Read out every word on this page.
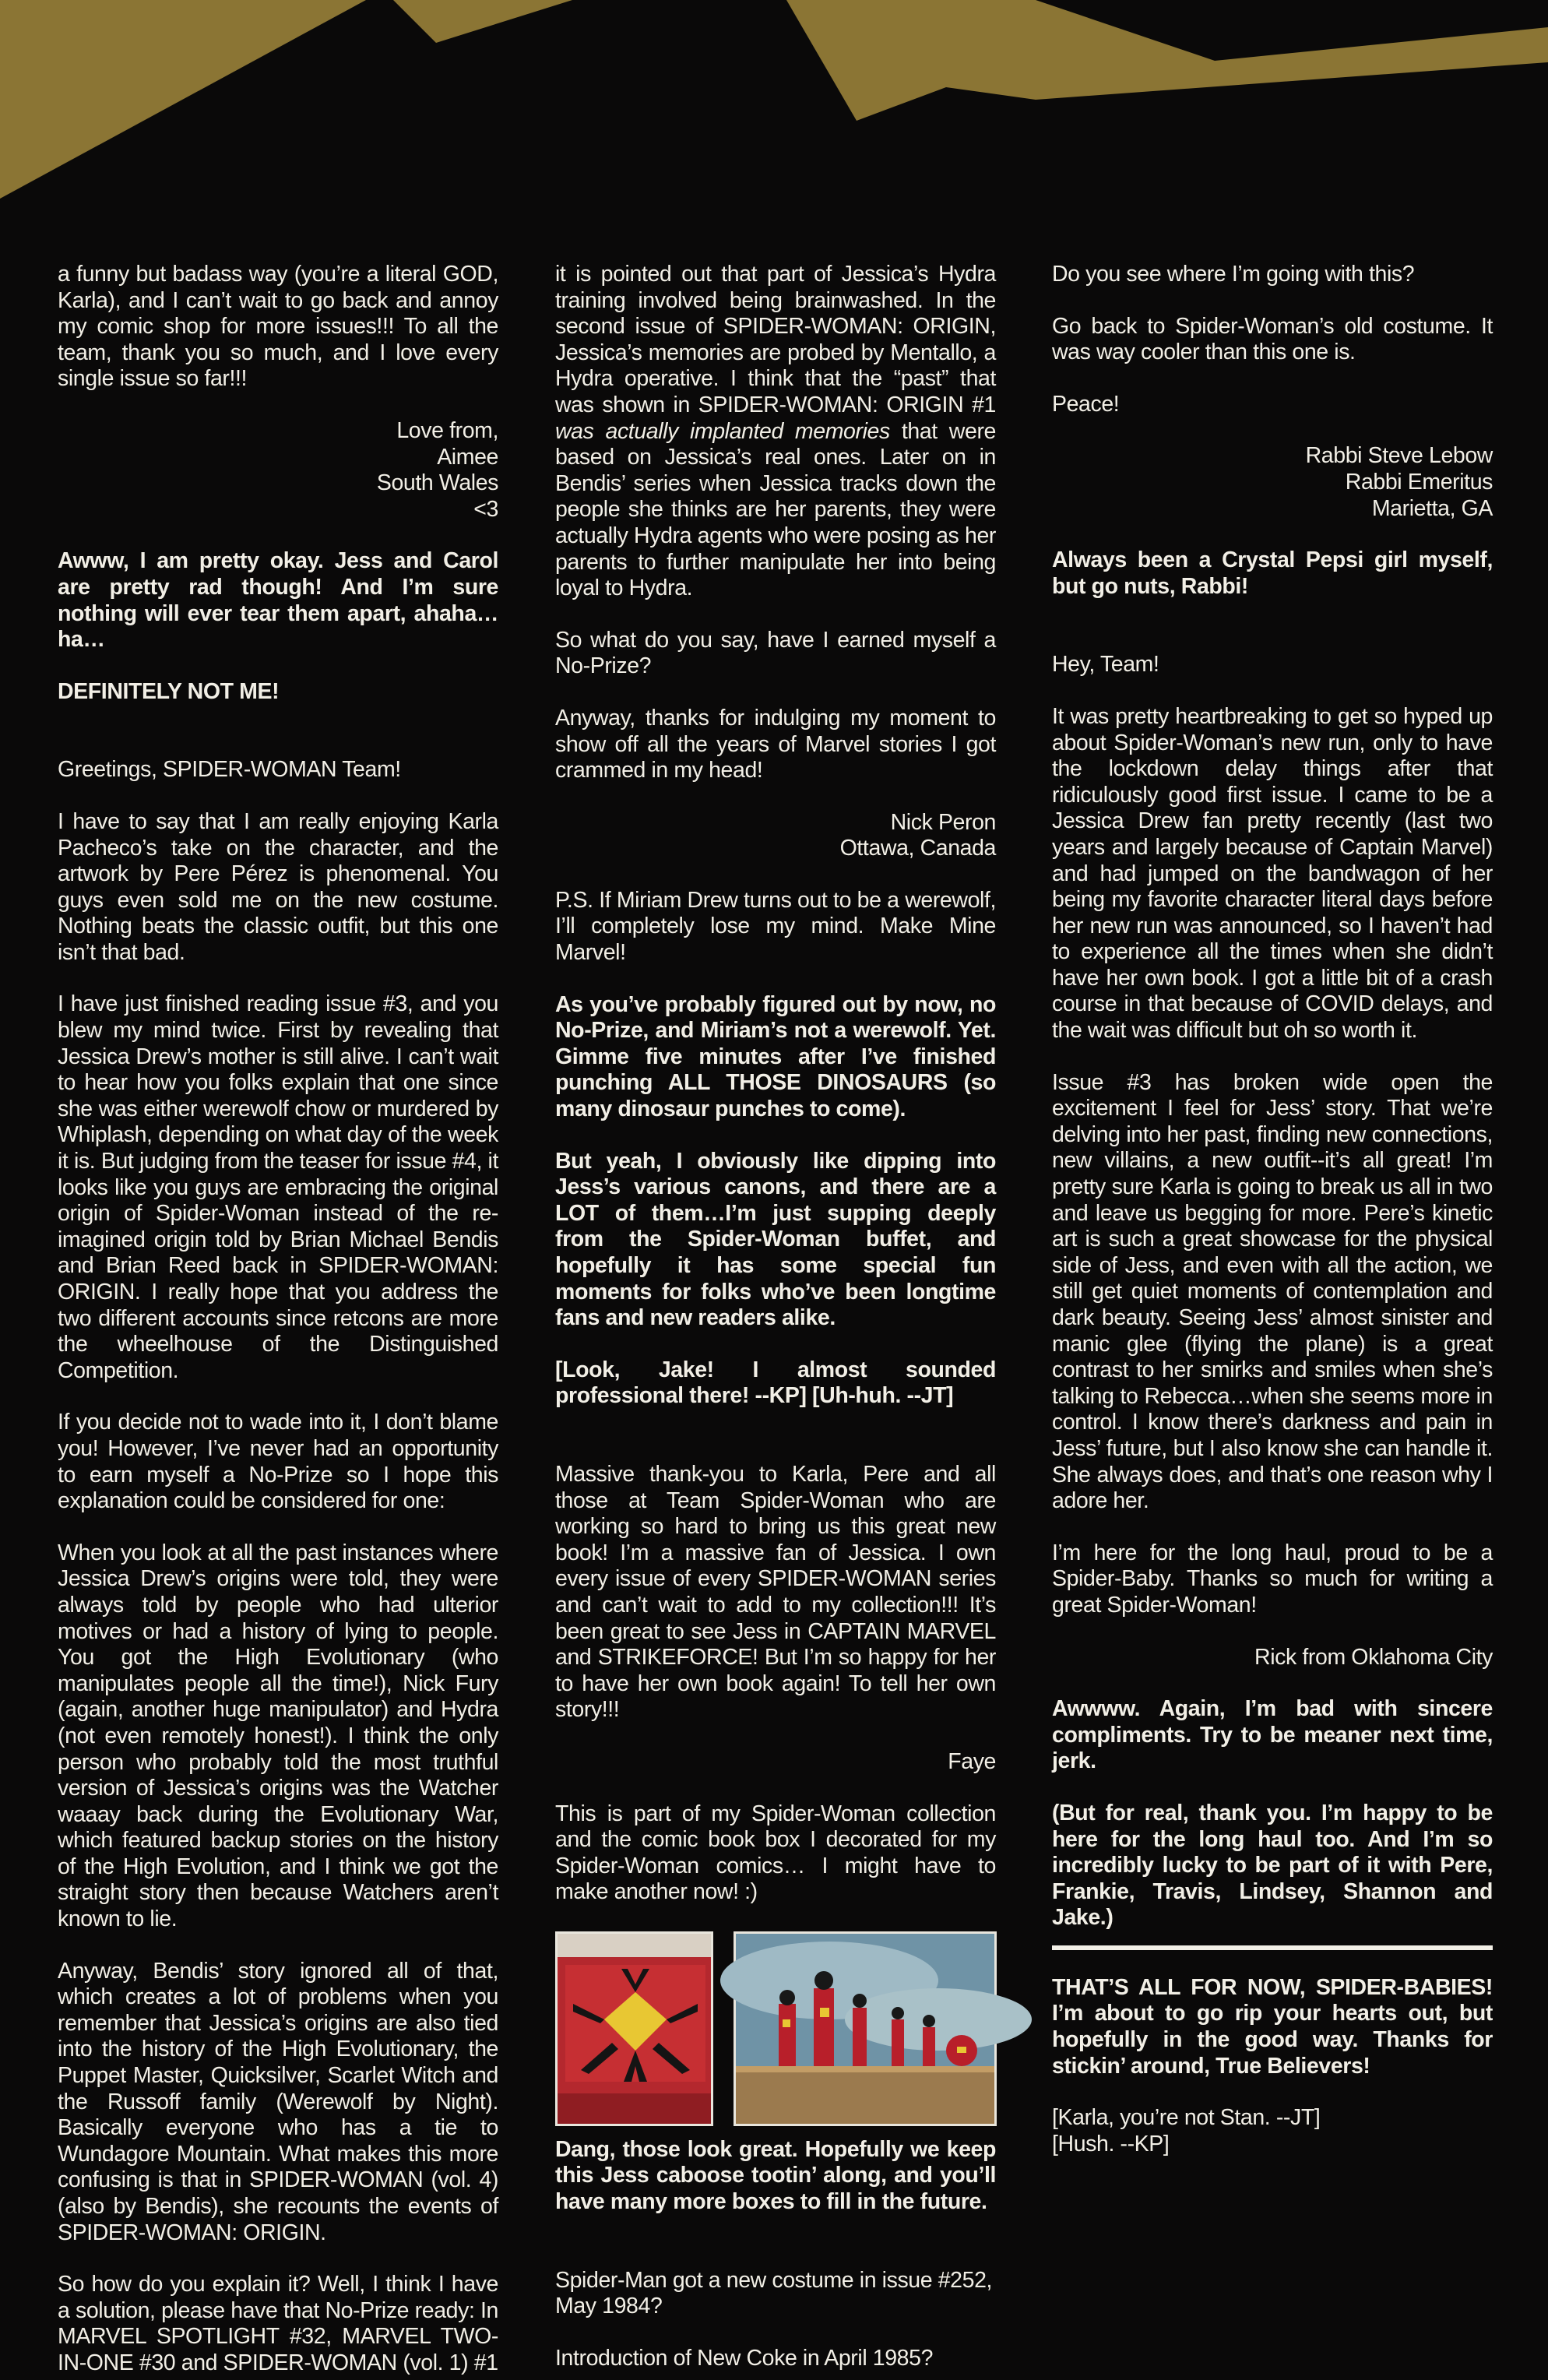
a funny but badass way (you’re a literal GOD, Karla), and I can’t wait to go back and annoy my comic shop for more issues!!! To all the team, thank you so much, and I love every single issue so far!!!

Love from,
Aimee
South Wales
<3

Awww, I am pretty okay. Jess and Carol are pretty rad though! And I’m sure nothing will ever tear them apart, ahaha…ha…

DEFINITELY NOT ME!

Greetings, SPIDER-WOMAN Team!

I have to say that I am really enjoying Karla Pacheco’s take on the character, and the artwork by Pere Pérez is phenomenal. You guys even sold me on the new costume. Nothing beats the classic outfit, but this one isn’t that bad.

I have just finished reading issue #3, and you blew my mind twice. First by revealing that Jessica Drew’s mother is still alive. I can’t wait to hear how you folks explain that one since she was either werewolf chow or murdered by Whiplash, depending on what day of the week it is. But judging from the teaser for issue #4, it looks like you guys are embracing the original origin of Spider-Woman instead of the re-imagined origin told by Brian Michael Bendis and Brian Reed back in SPIDER-WOMAN: ORIGIN. I really hope that you address the two different accounts since retcons are more the wheelhouse of the Distinguished Competition.

If you decide not to wade into it, I don’t blame you! However, I’ve never had an opportunity to earn myself a No-Prize so I hope this explanation could be considered for one:

When you look at all the past instances where Jessica Drew’s origins were told, they were always told by people who had ulterior motives or had a history of lying to people. You got the High Evolutionary (who manipulates people all the time!), Nick Fury (again, another huge manipulator) and Hydra (not even remotely honest!). I think the only person who probably told the most truthful version of Jessica’s origins was the Watcher waaay back during the Evolutionary War, which featured backup stories on the history of the High Evolution, and I think we got the straight story then because Watchers aren’t known to lie.

Anyway, Bendis’ story ignored all of that, which creates a lot of problems when you remember that Jessica’s origins are also tied into the history of the High Evolutionary, the Puppet Master, Quicksilver, Scarlet Witch and the Russoff family (Werewolf by Night). Basically everyone who has a tie to Wundagore Mountain. What makes this more confusing is that in SPIDER-WOMAN (vol. 4) (also by Bendis), she recounts the events of SPIDER-WOMAN: ORIGIN.

So how do you explain it? Well, I think I have a solution, please have that No-Prize ready: In MARVEL SPOTLIGHT #32, MARVEL TWO-IN-ONE #30 and SPIDER-WOMAN (vol. 1) #1

it is pointed out that part of Jessica’s Hydra training involved being brainwashed. In the second issue of SPIDER-WOMAN: ORIGIN, Jessica’s memories are probed by Mentallo, a Hydra operative. I think that the “past” that was shown in SPIDER-WOMAN: ORIGIN #1 was actually implanted memories that were based on Jessica’s real ones. Later on in Bendis’ series when Jessica tracks down the people she thinks are her parents, they were actually Hydra agents who were posing as her parents to further manipulate her into being loyal to Hydra.

So what do you say, have I earned myself a No-Prize?

Anyway, thanks for indulging my moment to show off all the years of Marvel stories I got crammed in my head!

Nick Peron
Ottawa, Canada

P.S. If Miriam Drew turns out to be a werewolf, I’ll completely lose my mind. Make Mine Marvel!

As you’ve probably figured out by now, no No-Prize, and Miriam’s not a werewolf. Yet. Gimme five minutes after I’ve finished punching ALL THOSE DINOSAURS (so many dinosaur punches to come).

But yeah, I obviously like dipping into Jess’s various canons, and there are a LOT of them…I’m just supping deeply from the Spider-Woman buffet, and hopefully it has some special fun moments for folks who’ve been longtime fans and new readers alike.

[Look, Jake! I almost sounded professional there! --KP] [Uh-huh. --JT]

Massive thank-you to Karla, Pere and all those at Team Spider-Woman who are working so hard to bring us this great new book! I’m a massive fan of Jessica. I own every issue of every SPIDER-WOMAN series and can’t wait to add to my collection!!! It’s been great to see Jess in CAPTAIN MARVEL and STRIKEFORCE! But I’m so happy for her to have her own book again! To tell her own story!!!

Faye

This is part of my Spider-Woman collection and the comic book box I decorated for my Spider-Woman comics… I might have to make another now! :)

Dang, those look great. Hopefully we keep this Jess caboose tootin’ along, and you’ll have many more boxes to fill in the future.

Spider-Man got a new costume in issue #252, May 1984?

Introduction of New Coke in April 1985?

Do you see where I’m going with this?

Go back to Spider-Woman’s old costume. It was way cooler than this one is.

Peace!

Rabbi Steve Lebow
Rabbi Emeritus
Marietta, GA

Always been a Crystal Pepsi girl myself, but go nuts, Rabbi!

Hey, Team!

It was pretty heartbreaking to get so hyped up about Spider-Woman’s new run, only to have the lockdown delay things after that ridiculously good first issue. I came to be a Jessica Drew fan pretty recently (last two years and largely because of Captain Marvel) and had jumped on the bandwagon of her being my favorite character literal days before her new run was announced, so I haven’t had to experience all the times when she didn’t have her own book. I got a little bit of a crash course in that because of COVID delays, and the wait was difficult but oh so worth it.

Issue #3 has broken wide open the excitement I feel for Jess’ story. That we’re delving into her past, finding new connections, new villains, a new outfit--it’s all great! I’m pretty sure Karla is going to break us all in two and leave us begging for more. Pere’s kinetic art is such a great showcase for the physical side of Jess, and even with all the action, we still get quiet moments of contemplation and dark beauty. Seeing Jess’ almost sinister and manic glee (flying the plane) is a great contrast to her smirks and smiles when she’s talking to Rebecca…when she seems more in control. I know there’s darkness and pain in Jess’ future, but I also know she can handle it. She always does, and that’s one reason why I adore her.

I’m here for the long haul, proud to be a Spider-Baby. Thanks so much for writing a great Spider-Woman!

Rick from Oklahoma City

Awwww. Again, I’m bad with sincere compliments. Try to be meaner next time, jerk.

(But for real, thank you. I’m happy to be here for the long haul too. And I’m so incredibly lucky to be part of it with Pere, Frankie, Travis, Lindsey, Shannon and Jake.)

THAT’S ALL FOR NOW, SPIDER-BABIES! I’m about to go rip your hearts out, but hopefully in the good way. Thanks for stickin’ around, True Believers!

[Karla, you’re not Stan. --JT]
[Hush. --KP]
